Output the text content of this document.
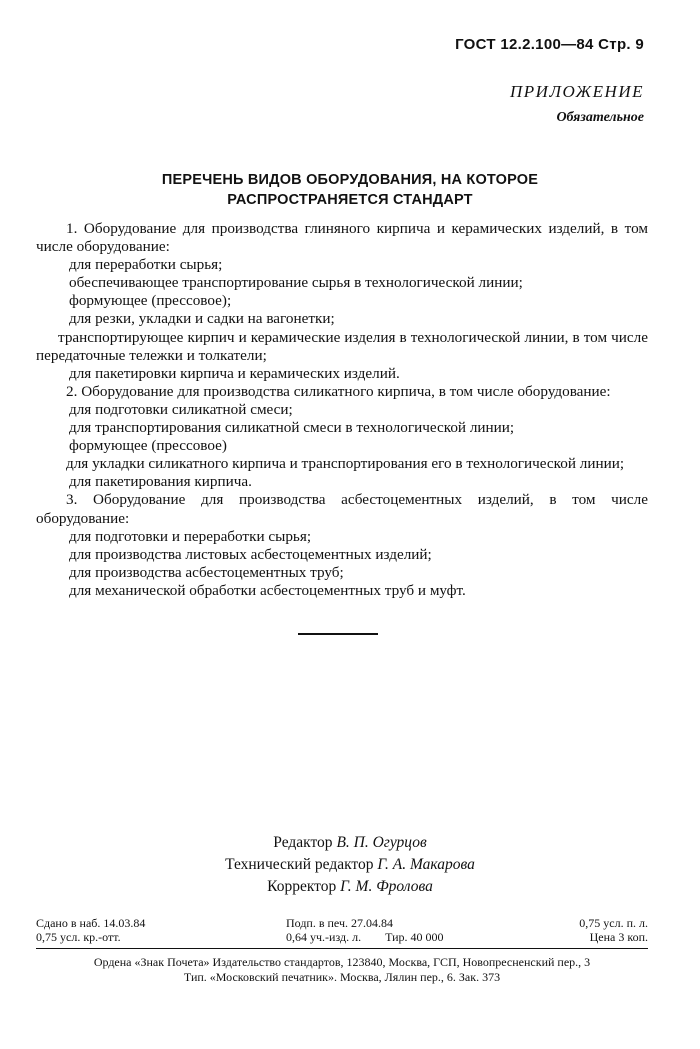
ГОСТ 12.2.100—84 Стр. 9
ПРИЛОЖЕНИЕ
Обязательное
ПЕРЕЧЕНЬ ВИДОВ ОБОРУДОВАНИЯ, НА КОТОРОЕ
РАСПРОСТРАНЯЕТСЯ СТАНДАРТ

1. Оборудование для производства глиняного кирпича и керамических изделий, в том числе оборудование:

для переработки сырья;

обеспечивающее транспортирование сырья в технологической линии;

формующее (прессовое);

для резки, укладки и садки на вагонетки;

транспортирующее кирпич и керамические изделия в технологической линии, в том числе передаточные тележки и толкатели;

для пакетировки кирпича и керамических изделий.

2. Оборудование для производства силикатного кирпича, в том числе оборудование:

для подготовки силикатной смеси;

для транспортирования силикатной смеси в технологической линии;

формующее (прессовое)

для укладки силикатного кирпича и транспортирования его в технологической линии;

для пакетирования кирпича.

3. Оборудование для производства асбестоцементных изделий, в том числе оборудование:

для подготовки и переработки сырья;

для производства листовых асбестоцементных изделий;

для производства асбестоцементных труб;

для механической обработки асбестоцементных труб и муфт.

Редактор В. П. Огурцов
Технический редактор Г. А. Макарова
Корректор Г. М. Фролова
Сдано в наб. 14.03.84	Подп. в печ. 27.04.84	0,75 усл. п. л.
0,75 усл. кр.-отт.	0,64 уч.-изд. л.        Тир. 40 000	Цена 3 коп.
Ордена «Знак Почета» Издательство стандартов, 123840, Москва, ГСП, Новопресненский пер., 3
Тип. «Московский печатник». Москва, Лялин пер., 6. Зак. 373
